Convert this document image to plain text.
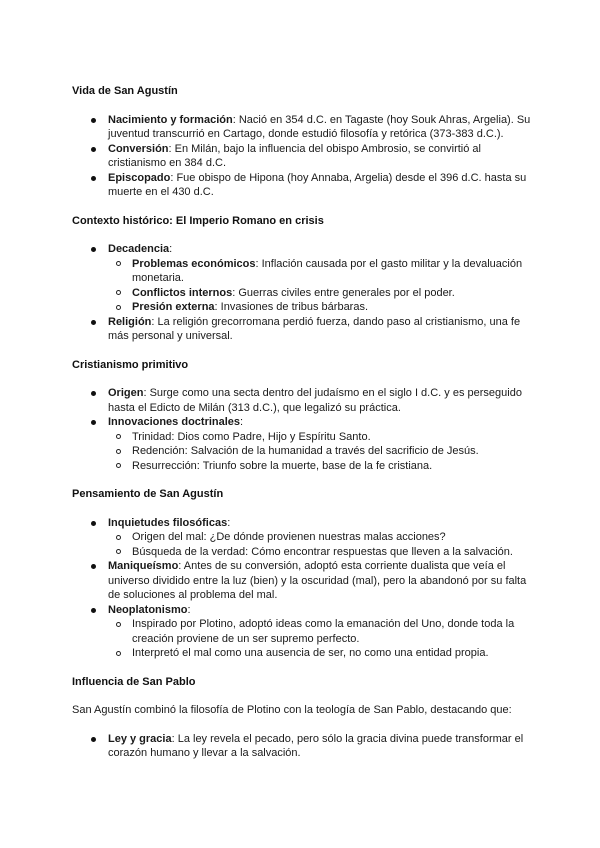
Vida de San Agustín
Nacimiento y formación: Nació en 354 d.C. en Tagaste (hoy Souk Ahras, Argelia). Su juventud transcurrió en Cartago, donde estudió filosofía y retórica (373-383 d.C.).
Conversión: En Milán, bajo la influencia del obispo Ambrosio, se convirtió al cristianismo en 384 d.C.
Episcopado: Fue obispo de Hipona (hoy Annaba, Argelia) desde el 396 d.C. hasta su muerte en el 430 d.C.
Contexto histórico: El Imperio Romano en crisis
Decadencia:
Problemas económicos: Inflación causada por el gasto militar y la devaluación monetaria.
Conflictos internos: Guerras civiles entre generales por el poder.
Presión externa: Invasiones de tribus bárbaras.
Religión: La religión grecorromana perdió fuerza, dando paso al cristianismo, una fe más personal y universal.
Cristianismo primitivo
Origen: Surge como una secta dentro del judaísmo en el siglo I d.C. y es perseguido hasta el Edicto de Milán (313 d.C.), que legalizó su práctica.
Innovaciones doctrinales:
Trinidad: Dios como Padre, Hijo y Espíritu Santo.
Redención: Salvación de la humanidad a través del sacrificio de Jesús.
Resurrección: Triunfo sobre la muerte, base de la fe cristiana.
Pensamiento de San Agustín
Inquietudes filosóficas:
Origen del mal: ¿De dónde provienen nuestras malas acciones?
Búsqueda de la verdad: Cómo encontrar respuestas que lleven a la salvación.
Maniqueísmo: Antes de su conversión, adoptó esta corriente dualista que veía el universo dividido entre la luz (bien) y la oscuridad (mal), pero la abandonó por su falta de soluciones al problema del mal.
Neoplatonismo:
Inspirado por Plotino, adoptó ideas como la emanación del Uno, donde toda la creación proviene de un ser supremo perfecto.
Interpretó el mal como una ausencia de ser, no como una entidad propia.
Influencia de San Pablo

San Agustín combinó la filosofía de Plotino con la teología de San Pablo, destacando que:

Ley y gracia: La ley revela el pecado, pero sólo la gracia divina puede transformar el corazón humano y llevar a la salvación.
